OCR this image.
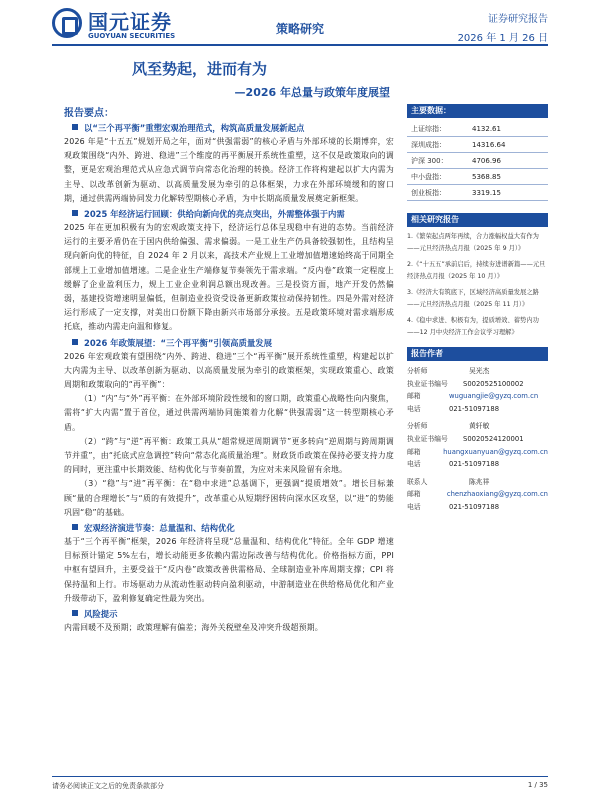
国元证券
GUOYUAN SECURITIES	策略研究
证券研究报告
2026 年 1 月 26 日
风至势起，进而有为
—2026 年总量与政策年度展望
报告要点：
以“三个再平衡”重塑宏观治理范式，构筑高质量发展新起点

2026 年是“十五五”规划开局之年，面对“供强需弱”的核心矛盾与外部环境的长期博弈，宏观政策围绕“内外、跨进、稳进”三个维度的再平衡展开系统性重塑，这不仅是政策取向的调整，更是宏观治理范式从应急式调节向常态化治理的转换。经济工作将构建起以扩大内需为主导、以改革创新为驱动、以高质量发展为牵引的总体框架，力求在外部环境缓和的窗口期，通过供需两端协同发力化解转型期核心矛盾，为中长期高质量发展奠定新框架。

2025 年经济运行回顾：供给向新向优的亮点突出，外需整体强于内需

2025 年在更加积极有为的宏观政策支持下，经济运行总体呈现稳中有进的态势。当前经济运行的主要矛盾仍在于国内供给偏强、需求偏弱。一是工业生产仍具备较强韧性，且结构呈现向新向优的特征，自 2024 年 2 月以来，高技术产业规上工业增加值增速始终高于同期全部规上工业增加值增速。二是企业生产端修复节奏领先于需求端。“反内卷”政策一定程度上缓解了企业盈利压力，规上工业企业利润总额出现改善。三是投资方面，地产开发仍然偏弱，基建投资增速明显偏低，但制造业投资受设备更新政策拉动保持韧性。四是外需对经济运行形成了一定支撑，对美出口份额下降由新兴市场部分承接。五是政策环境对需求端形成托底，推动内需走向温和修复。

2026 年政策展望：“三个再平衡”引领高质量发展

2026 年宏观政策有望围绕“内外、跨进、稳进”三个“再平衡”展开系统性重塑，构建起以扩大内需为主导、以改革创新为驱动、以高质量发展为牵引的政策框架，实现政策重心、政策周期和政策取向的“再平衡”：

（1）“内”与“外”再平衡：在外部环境阶段性缓和的窗口期，政策重心战略性向内聚焦，需将“扩大内需”置于首位，通过供需两端协同施策着力化解“供强需弱”这一转型期核心矛盾。

（2）“跨”与“逆”再平衡：政策工具从“超常规逆周期调节”更多转向“逆周期与跨周期调节并重”，由“托底式应急调控”转向“常态化高质量治理”。财政货币政策在保持必要支持力度的同时，更注重中长期效能、结构优化与节奏前置，为应对未来风险留有余地。

（3）“稳”与“进”再平衡：在“稳中求进”总基调下，更强调“提质增效”。增长目标兼顾“量的合理增长”与“质的有效提升”，改革重心从短期纾困转向深水区攻坚，以“进”的势能巩固“稳”的基础。

宏观经济演进节奏：总量温和、结构优化

基于“三个再平衡”框架，2026 年经济将呈现“总量温和、结构优化”特征。全年 GDP 增速目标预计锚定 5%左右，增长动能更多依赖内需边际改善与结构优化。价格指标方面，PPI 中枢有望回升，主要受益于“反内卷”政策改善供需格局、全球制造业补库周期支撑；CPI 将保持温和上行。市场驱动力从流动性驱动转向盈利驱动，中游制造业在供给格局优化和产业升级带动下，盈利修复确定性最为突出。

风险提示

内需回暖不及预期；政策理解有偏差；海外关税壁垒及冲突升级超预期。

主要数据：
上证综指：	4132.61
深圳成指：	14316.64
沪深 300：	4706.96
中小盘指：	5368.85
创业板指：	3319.15
相关研究报告
1.《繁荣起点两年再续，合力涨幅权益大有作为——元旦经济热点月报（2025 年 9 月）》
2.《“十五五”承前启后，持续夯进谱新篇——元旦经济热点月报（2025 年 10 月）》
3.《经济大有筑底下，区域经济高质量发展之路——元旦经济热点月报（2025 年 11 月）》
4.《稳中求进、积极有为，提质增效、蓄势内功——12 月中央经济工作会议学习理解》
报告作者
分析师	吴光杰
执业证书编号	S0020525100002
邮箱	wuguangjie@gyzq.com.cn
电话	021-51097188
分析师	黄轩敏
执业证书编号	S0020524120001
邮箱	huangxuanyuan@gyzq.com.cn
电话	021-51097188
联系人	陈兆祥
邮箱	chenzhaoxiang@gyzq.com.cn
电话	021-51097188
请务必阅读正文之后的免责条款部分	1 / 35
